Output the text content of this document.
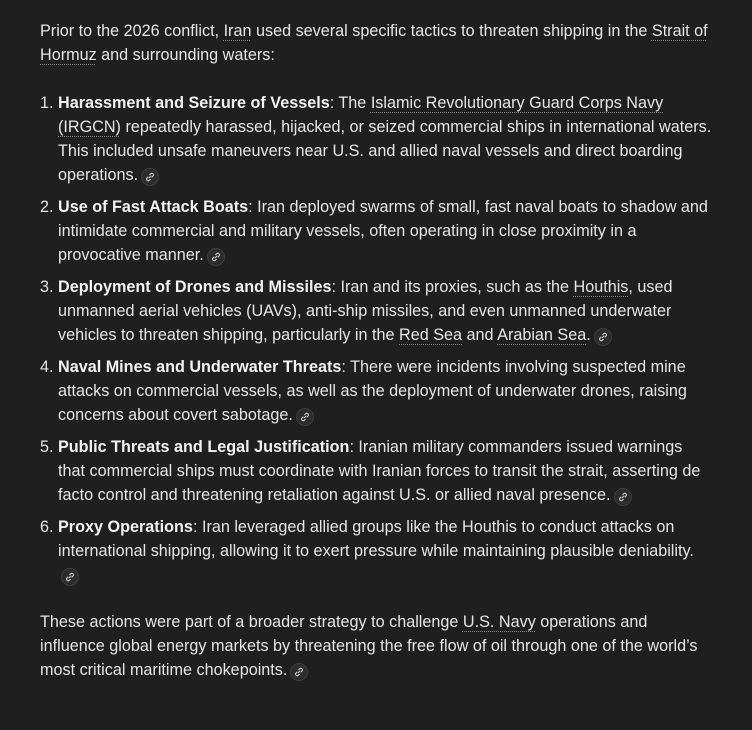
Prior to the 2026 conflict, Iran used several specific tactics to threaten shipping in the Strait of Hormuz and surrounding waters:

1. Harassment and Seizure of Vessels: The Islamic Revolutionary Guard Corps Navy (IRGCN) repeatedly harassed, hijacked, or seized commercial ships in international waters. This included unsafe maneuvers near U.S. and allied naval vessels and direct boarding operations.
2. Use of Fast Attack Boats: Iran deployed swarms of small, fast naval boats to shadow and intimidate commercial and military vessels, often operating in close proximity in a provocative manner.
3. Deployment of Drones and Missiles: Iran and its proxies, such as the Houthis, used unmanned aerial vehicles (UAVs), anti-ship missiles, and even unmanned underwater vehicles to threaten shipping, particularly in the Red Sea and Arabian Sea.
4. Naval Mines and Underwater Threats: There were incidents involving suspected mine attacks on commercial vessels, as well as the deployment of underwater drones, raising concerns about covert sabotage.
5. Public Threats and Legal Justification: Iranian military commanders issued warnings that commercial ships must coordinate with Iranian forces to transit the strait, asserting de facto control and threatening retaliation against U.S. or allied naval presence.
6. Proxy Operations: Iran leveraged allied groups like the Houthis to conduct attacks on international shipping, allowing it to exert pressure while maintaining plausible deniability.

These actions were part of a broader strategy to challenge U.S. Navy operations and influence global energy markets by threatening the free flow of oil through one of the world’s most critical maritime chokepoints.
